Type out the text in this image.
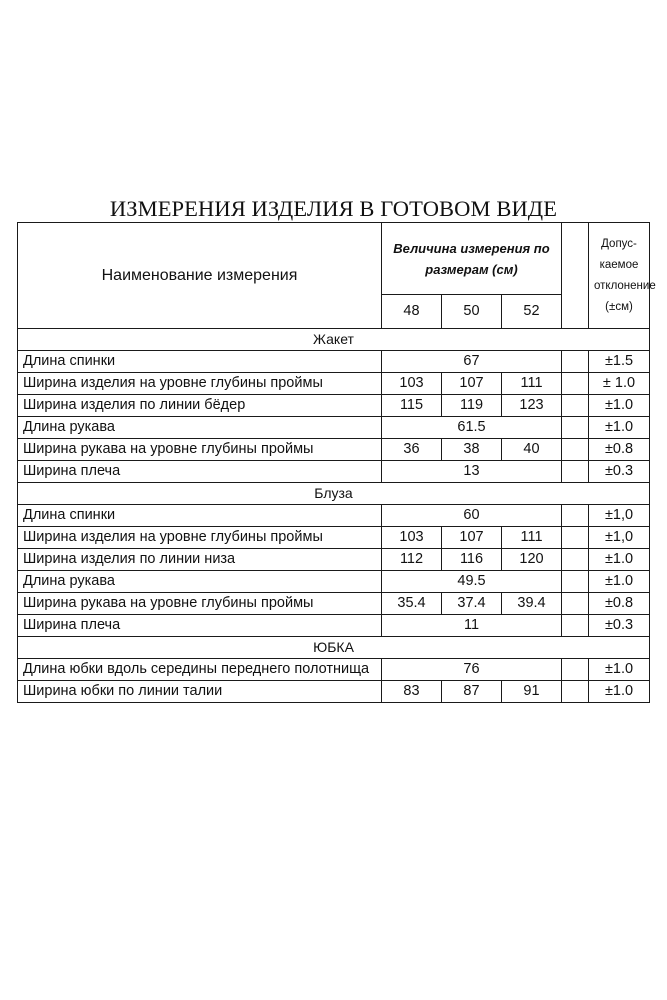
ИЗМЕРЕНИЯ ИЗДЕЛИЯ В ГОТОВОМ ВИДЕ
Наименование измерения	Величина измерения по размерам (см)				Допус-каемое отклонение (±см)
	48	50	52		
Жакет					
Длина спинки	67				±1.5
Ширина изделия на уровне глубины проймы	103	107	111		± 1.0
Ширина изделия по линии бёдер	115	119	123		±1.0
Длина рукава	61.5				±1.0
Ширина рукава на уровне глубины проймы	36	38	40		±0.8
Ширина плеча	13				±0.3
Блуза					
Длина спинки	60				±1,0
Ширина изделия на уровне глубины проймы	103	107	111		±1,0
Ширина изделия по линии низа	112	116	120		±1.0
Длина рукава	49.5				±1.0
Ширина рукава на уровне глубины проймы	35.4	37.4	39.4		±0.8
Ширина плеча	11				±0.3
ЮБКА					
Длина юбки вдоль середины переднего полотнища	76				±1.0
Ширина юбки по линии талии	83	87	91		±1.0
